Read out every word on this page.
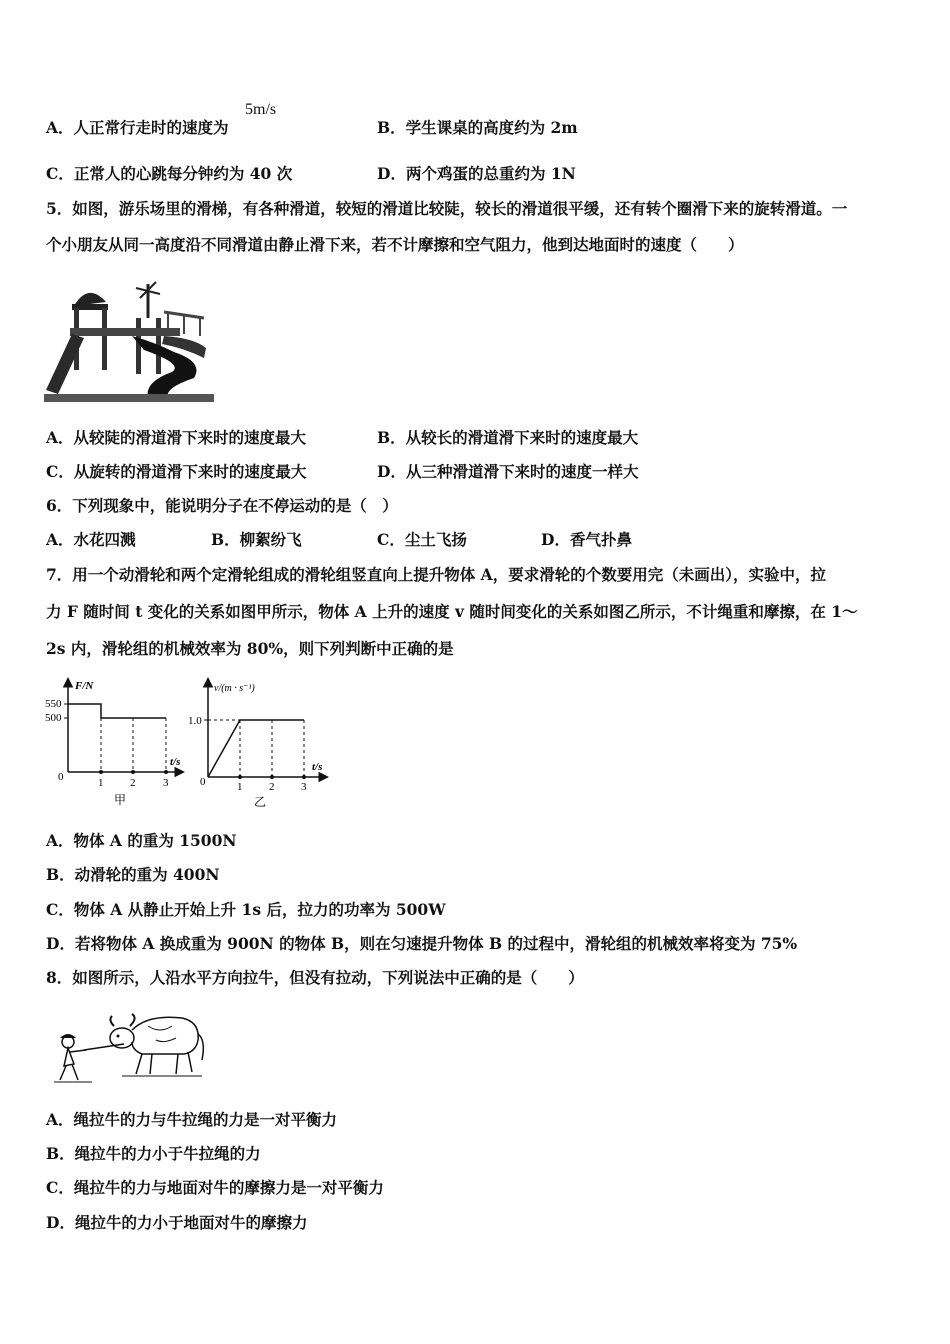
A．人正常行走时的速度为
5m/s
B．学生课桌的高度约为 2m
C．正常人的心跳每分钟约为 40 次	D．两个鸡蛋的总重约为 1N
5．如图，游乐场里的滑梯，有各种滑道，较短的滑道比较陡，较长的滑道很平缓，还有转个圈滑下来的旋转滑道。一
个小朋友从同一高度沿不同滑道由静止滑下来，若不计摩擦和空气阻力，他到达地面时的速度（　　）
A．从较陡的滑道滑下来时的速度最大	B．从较长的滑道滑下来时的速度最大
C．从旋转的滑道滑下来时的速度最大	D．从三种滑道滑下来时的速度一样大
6．下列现象中，能说明分子在不停运动的是（　）
A．水花四溅	B．柳絮纷飞	C．尘土飞扬	D．香气扑鼻
7．用一个动滑轮和两个定滑轮组成的滑轮组竖直向上提升物体 A，要求滑轮的个数要用完（未画出），实验中，拉
力 F 随时间 t 变化的关系如图甲所示，物体 A 上升的速度 v 随时间变化的关系如图乙所示，不计绳重和摩擦，在 1～
2s 内，滑轮组的机械效率为 80%，则下列判断中正确的是
F/N
t/s
0
550
500
1 2	3
甲
v/(m · s⁻¹)
t/s
0
1.0
1 2 3
乙
A．物体 A 的重为 1500N
B．动滑轮的重为 400N
C．物体 A 从静止开始上升 1s 后，拉力的功率为 500W
D．若将物体 A 换成重为 900N 的物体 B，则在匀速提升物体 B 的过程中，滑轮组的机械效率将变为 75%
8．如图所示，人沿水平方向拉牛，但没有拉动，下列说法中正确的是（　　）
A．绳拉牛的力与牛拉绳的力是一对平衡力
B．绳拉牛的力小于牛拉绳的力
C．绳拉牛的力与地面对牛的摩擦力是一对平衡力
D．绳拉牛的力小于地面对牛的摩擦力
